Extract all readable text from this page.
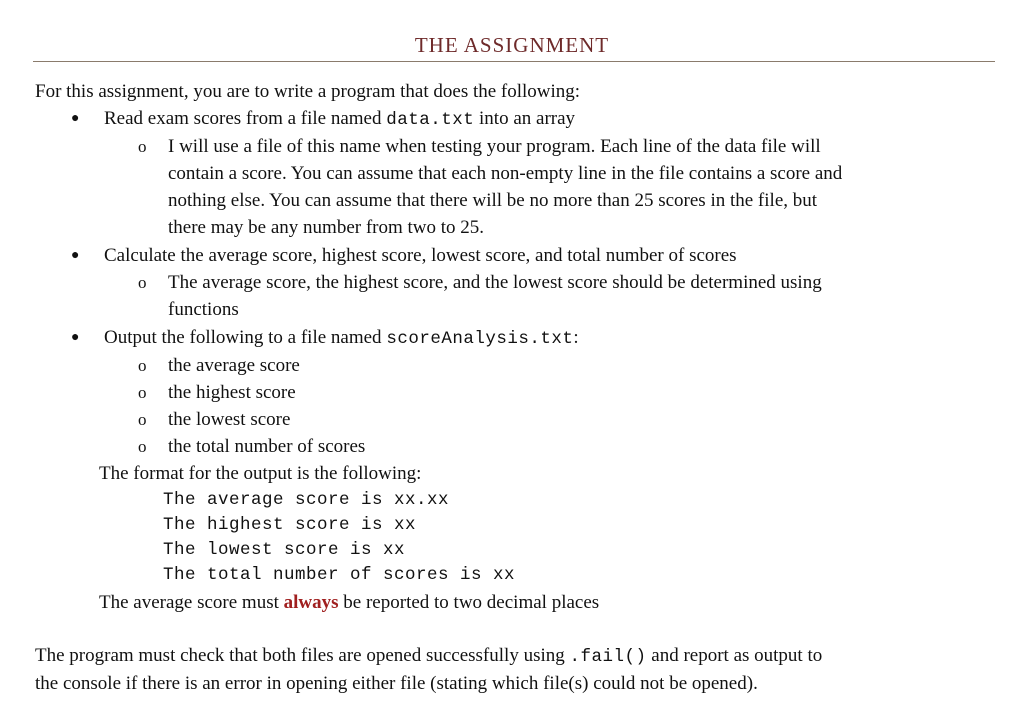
THE ASSIGNMENT
For this assignment, you are to write a program that does the following:
● Read exam scores from a file named data.txt into an array
o I will use a file of this name when testing your program. Each line of the data file will
contain a score. You can assume that each non-empty line in the file contains a score and
nothing else. You can assume that there will be no more than 25 scores in the file, but
there may be any number from two to 25.
● Calculate the average score, highest score, lowest score, and total number of scores
o The average score, the highest score, and the lowest score should be determined using
functions
● Output the following to a file named scoreAnalysis.txt:
o the average score
o the highest score
o the lowest score
o the total number of scores
The format for the output is the following:
The average score is xx.xx
The highest score is xx
The lowest score is xx
The total number of scores is xx
The average score must always be reported to two decimal places
The program must check that both files are opened successfully using .fail() and report as output to
the console if there is an error in opening either file (stating which file(s) could not be opened).
